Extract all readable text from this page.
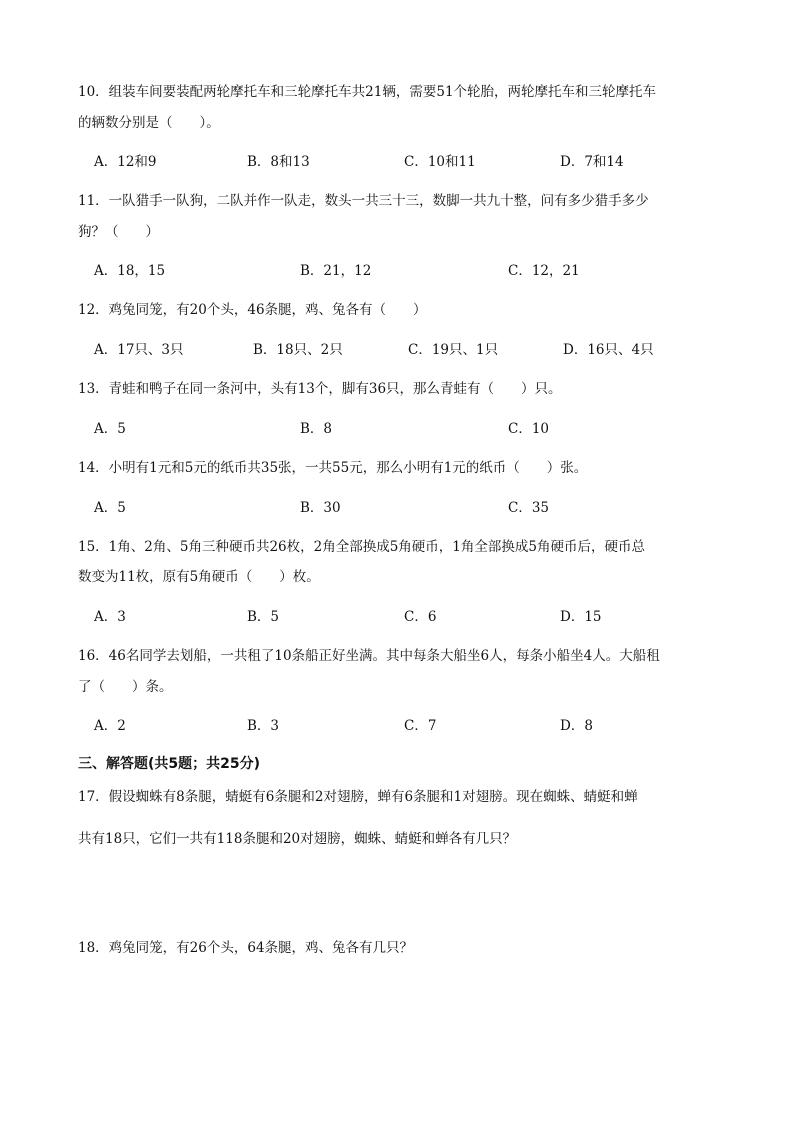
10．组装车间要装配两轮摩托车和三轮摩托车共21辆，需要51个轮胎，两轮摩托车和三轮摩托车
的辆数分别是（　　）。
A．12和9	B．8和13	C．10和11	D．7和14
11．一队猎手一队狗，二队并作一队走，数头一共三十三，数脚一共九十整，问有多少猎手多少
狗？（　　）
A．18，15	B．21，12	C．12，21
12．鸡兔同笼，有20个头，46条腿，鸡、兔各有（　　）
A．17只、3只	B．18只、2只	C．19只、1只	D．16只、4只
13．青蛙和鸭子在同一条河中，头有13个，脚有36只，那么青蛙有（　　）只。
A．5	B．8	C．10
14．小明有1元和5元的纸币共35张，一共55元，那么小明有1元的纸币（　　）张。
A．5	B．30	C．35
15．1角、2角、5角三种硬币共26枚，2角全部换成5角硬币，1角全部换成5角硬币后，硬币总
数变为11枚，原有5角硬币（　　）枚。
A．3	B．5	C．6	D．15
16．46名同学去划船，一共租了10条船正好坐满。其中每条大船坐6人，每条小船坐4人。大船租
了（　　）条。
A．2	B．3	C．7	D．8
三、解答题(共5题；共25分)
17．假设蜘蛛有8条腿，蜻蜓有6条腿和2对翅膀，蝉有6条腿和1对翅膀。现在蜘蛛、蜻蜓和蝉
共有18只，它们一共有118条腿和20对翅膀，蜘蛛、蜻蜓和蝉各有几只？
18．鸡兔同笼，有26个头，64条腿，鸡、兔各有几只？
